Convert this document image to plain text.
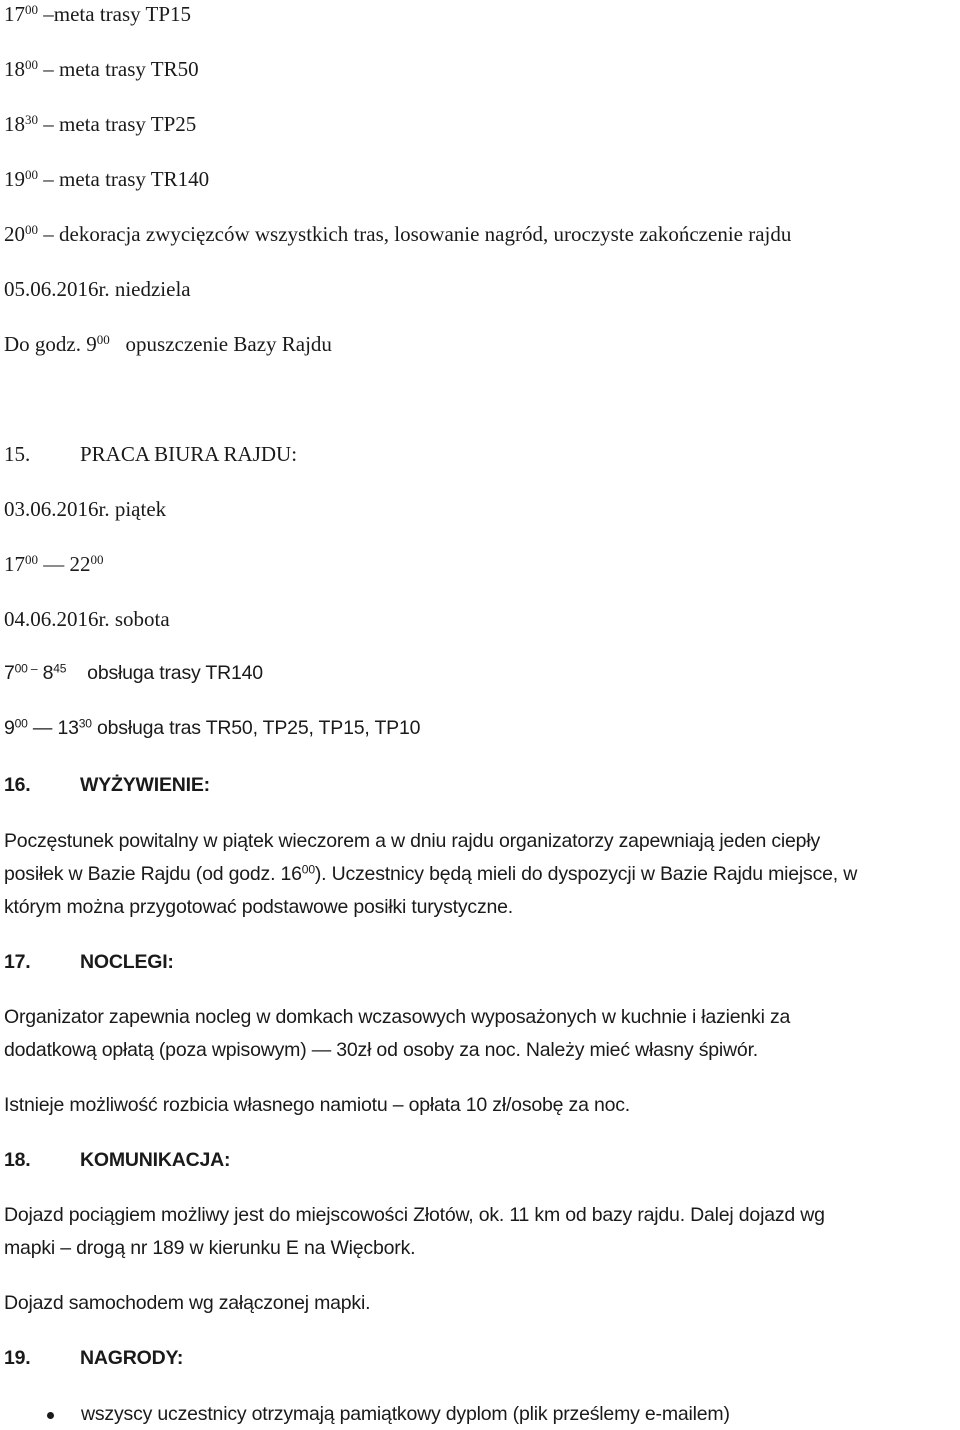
$17^{00}$ –meta trasy TP15
$18^{00}$ – meta trasy TR50
$18^{30}$ – meta trasy TP25
$19^{00}$ – meta trasy TR140
$20^{00}$ – dekoracja zwycięzców wszystkich tras, losowanie nagród, uroczyste zakończenie rajdu
05.06.2016r. niedziela
Do godz. $9^{00}$ opuszczenie Bazy Rajdu
15. PRACA BIURA RAJDU:
03.06.2016r. piątek
$17^{00}$ — $22^{00}$
04.06.2016r. sobota
$7^{00 -}$ $8^{45}$ obsługa trasy TR140
$9^{00}$ — $13^{30}$ obsługa tras TR50, TP25, TP15, TP10
16.	WYŻYWIENIE:
Poczęstunek powitalny w piątek wieczorem a w dniu rajdu organizatorzy zapewniają jeden ciepły
posiłek w Bazie Rajdu (od godz. $16^{00}$). Uczestnicy będą mieli do dyspozycji w Bazie Rajdu miejsce, w
którym można przygotować podstawowe posiłki turystyczne.
17.	NOCLEGI:
Organizator zapewnia nocleg w domkach wczasowych wyposażonych w kuchnie i łazienki za
dodatkową opłatą (poza wpisowym) — 30zł od osoby za noc. Należy mieć własny śpiwór.
Istnieje możliwość rozbicia własnego namiotu – opłata 10 zł/osobę za noc.
18.	KOMUNIKACJA:
Dojazd pociągiem możliwy jest do miejscowości Złotów, ok. 11 km od bazy rajdu. Dalej dojazd wg
mapki – drogą nr 189 w kierunku E na Więcbork.
Dojazd samochodem wg załączonej mapki.
19.	NAGRODY:
wszyscy uczestnicy otrzymają pamiątkowy dyplom (plik prześlemy e-mailem)
